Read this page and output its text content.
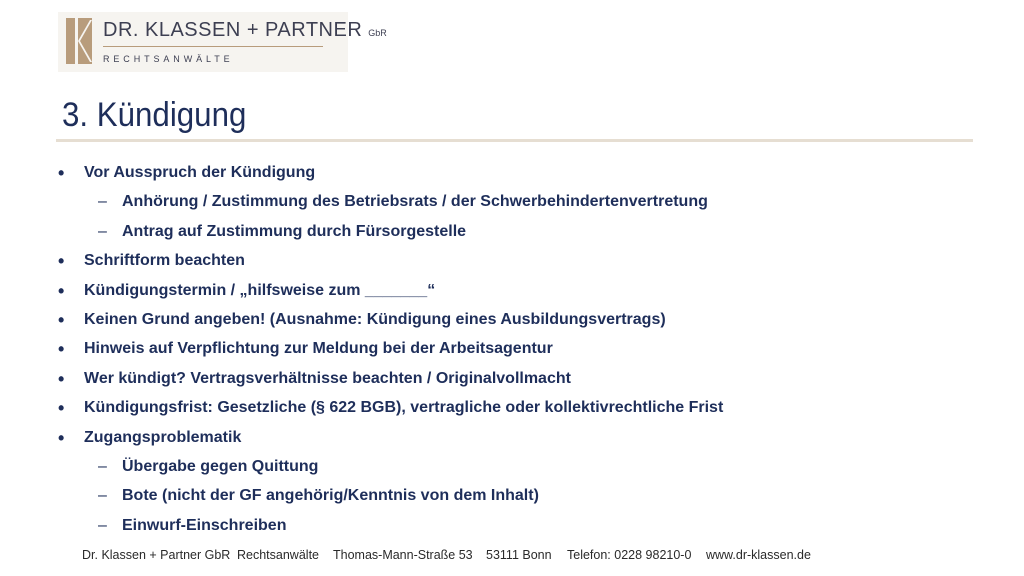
DR. KLASSEN + PARTNER GbR
RECHTSANWÄLTE
3. Kündigung
• Vor Ausspruch der Kündigung
– Anhörung / Zustimmung des Betriebsrats / der Schwerbehindertenvertretung
– Antrag auf Zustimmung durch Fürsorgestelle
• Schriftform beachten
• Kündigungstermin / „hilfsweise zum _______“
• Keinen Grund angeben! (Ausnahme: Kündigung eines Ausbildungsvertrags)
• Hinweis auf Verpflichtung zur Meldung bei der Arbeitsagentur
• Wer kündigt? Vertragsverhältnisse beachten / Originalvollmacht
• Kündigungsfrist: Gesetzliche (§ 622 BGB), vertragliche oder kollektivrechtliche Frist
• Zugangsproblematik
– Übergabe gegen Quittung
– Bote (nicht der GF angehörig/Kenntnis von dem Inhalt)
– Einwurf-Einschreiben
Dr. Klassen + Partner GbR Rechtsanwälte Thomas-Mann-Straße 53 53111 Bonn Telefon: 0228 98210-0 www.dr-klassen.de
